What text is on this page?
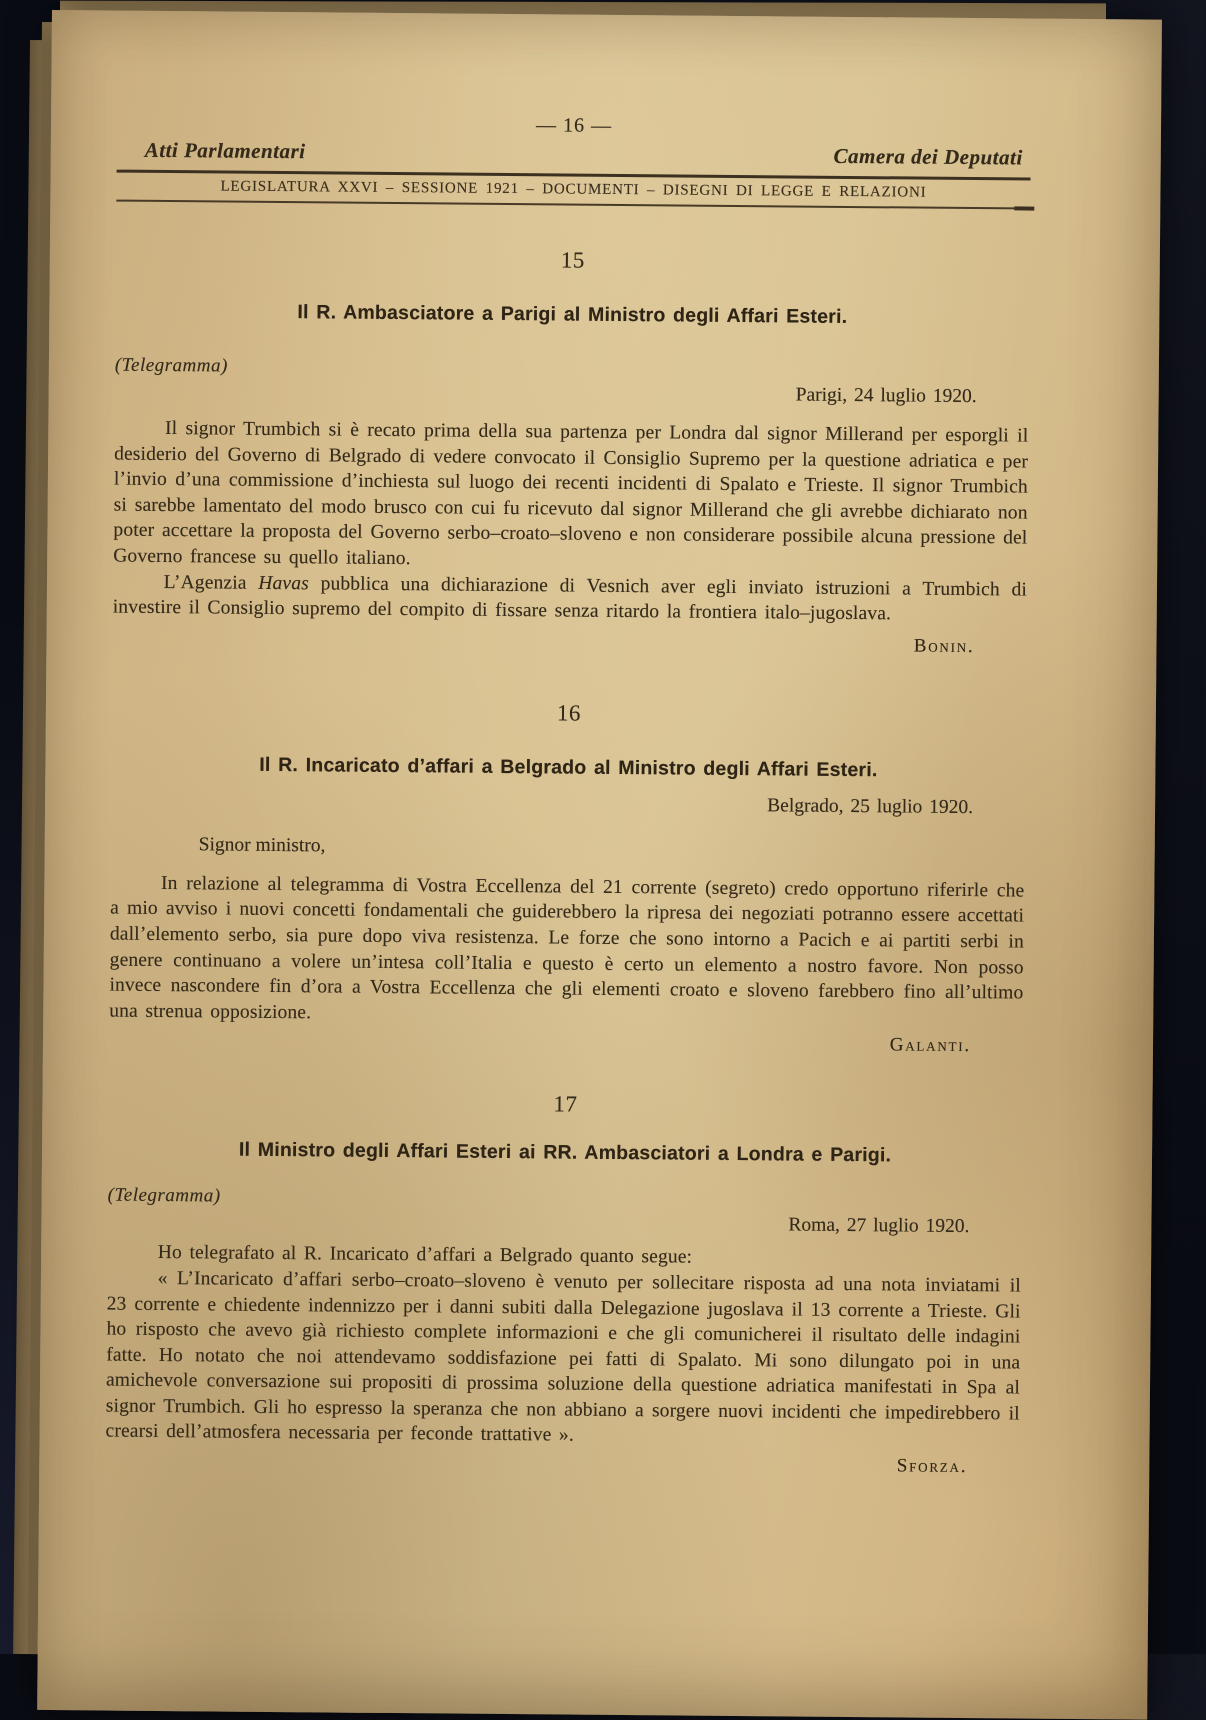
— 16 —
Atti Parlamentari	Camera dei Deputati
LEGISLATURA XXVI – SESSIONE 1921 – DOCUMENTI – DISEGNI DI LEGGE E RELAZIONI
15
Il R. Ambasciatore a Parigi al Ministro degli Affari Esteri.
(Telegramma)
Parigi, 24 luglio 1920.

Il signor Trumbich si è recato prima della sua partenza per Londra dal signor Millerand per esporgli il desiderio del Governo di Belgrado di vedere convocato il Consiglio Supremo per la questione adriatica e per l’invio d’una commissione d’inchiesta sul luogo dei recenti incidenti di Spalato e Trieste. Il signor Trumbich si sarebbe lamentato del modo brusco con cui fu ricevuto dal signor Millerand che gli avrebbe dichiarato non poter accettare la proposta del Governo serbo–croato–sloveno e non considerare possibile alcuna pressione del Governo francese su quello italiano.

L’Agenzia Havas pubblica una dichiarazione di Vesnich aver egli inviato istruzioni a Trumbich di investire il Consiglio supremo del compito di fissare senza ritardo la frontiera italo–jugoslava.

Bonin.
16
Il R. Incaricato d’affari a Belgrado al Ministro degli Affari Esteri.
Belgrado, 25 luglio 1920.
Signor ministro,

In relazione al telegramma di Vostra Eccellenza del 21 corrente (segreto) credo opportuno riferirle che a mio avviso i nuovi concetti fondamentali che guiderebbero la ripresa dei negoziati potranno essere accettati dall’elemento serbo, sia pure dopo viva resistenza. Le forze che sono intorno a Pacich e ai partiti serbi in genere continuano a volere un’intesa coll’Italia e questo è certo un elemento a nostro favore. Non posso invece nascondere fin d’ora a Vostra Eccellenza che gli elementi croato e sloveno farebbero fino all’ultimo una strenua opposizione.

Galanti.
17
Il Ministro degli Affari Esteri ai RR. Ambasciatori a Londra e Parigi.
(Telegramma)
Roma, 27 luglio 1920.

Ho telegrafato al R. Incaricato d’affari a Belgrado quanto segue:

« L’Incaricato d’affari serbo–croato–sloveno è venuto per sollecitare risposta ad una nota inviatami il 23 corrente e chiedente indennizzo per i danni subiti dalla Delegazione jugoslava il 13 corrente a Trieste. Gli ho risposto che avevo già richiesto complete informazioni e che gli comunicherei il risultato delle indagini fatte. Ho notato che noi attendevamo soddisfazione pei fatti di Spalato. Mi sono dilungato poi in una amichevole conversazione sui propositi di prossima soluzione della questione adriatica manifestati in Spa al signor Trumbich. Gli ho espresso la speranza che non abbiano a sorgere nuovi incidenti che impedirebbero il crearsi dell’atmosfera necessaria per feconde trattative ».

Sforza.
